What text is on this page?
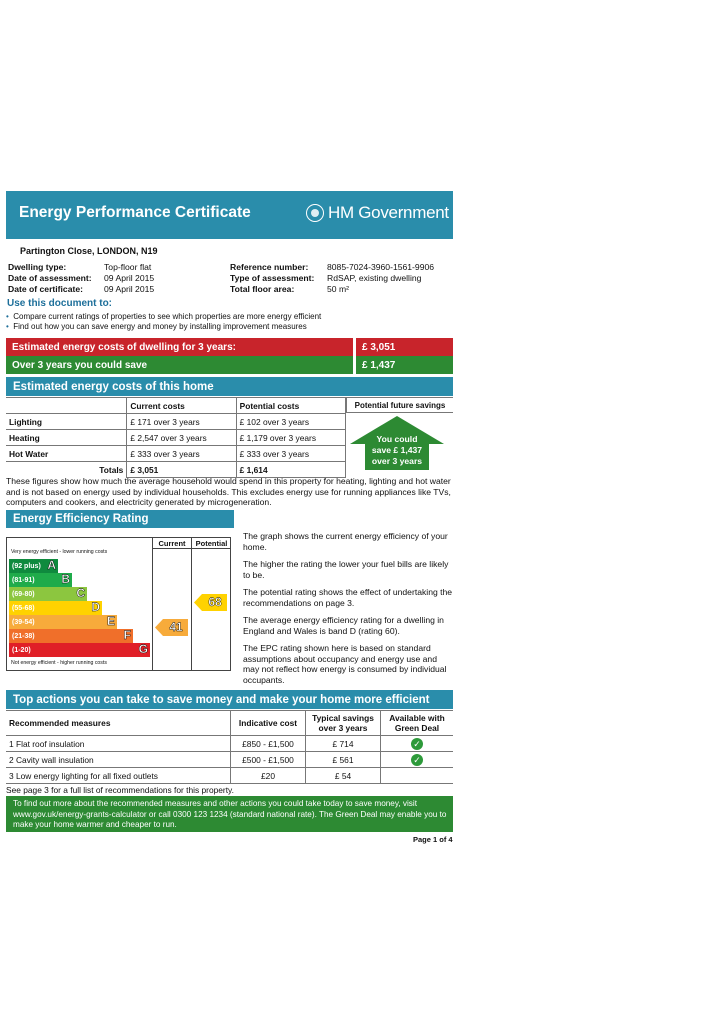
Energy Performance Certificate	HM Government
Partington Close, LONDON, N19
Dwelling type:	Top-floor flat
Date of assessment:	09 April 2015
Date of certificate:	09 April 2015
Reference number:	8085-7024-3960-1561-9906
Type of assessment:	RdSAP, existing dwelling
Total floor area:	50 m²
Use this document to:
• Compare current ratings of properties to see which properties are more energy efficient
• Find out how you can save energy and money by installing improvement measures
Estimated energy costs of dwelling for 3 years:	£ 3,051
Over 3 years you could save	£ 1,437
Estimated energy costs of this home
	Current costs	Potential costs
Lighting	£ 171 over 3 years	£ 102 over 3 years
Heating	£ 2,547 over 3 years	£ 1,179 over 3 years
Hot Water	£ 333 over 3 years	£ 333 over 3 years
Totals	£ 3,051	£ 1,614
Potential future savings
You could
save £ 1,437
over 3 years
These figures show how much the average household would spend in this property for heating, lighting and hot water and is not based on energy used by individual households. This excludes energy use for running appliances like TVs, computers and cookers, and electricity generated by microgeneration.
Energy Efficiency Rating
Current	Potential
Very energy efficient - lower running costs
Not energy efficient - higher running costs
(92 plus) A
(81-91) B
(69-80)	C
(55-68)	D
(39-54)	E
(21-38)	F
(1-20)	G
41
68
The graph shows the current energy efficiency of your home.
The higher the rating the lower your fuel bills are likely to be.
The potential rating shows the effect of undertaking the recommendations on page 3.
The average energy efficiency rating for a dwelling in England and Wales is band D (rating 60).
The EPC rating shown here is based on standard assumptions about occupancy and energy use and may not reflect how energy is consumed by individual occupants.
Top actions you can take to save money and make your home more efficient
Recommended measures	Indicative cost	Typical savings over 3 years	Available with Green Deal
1 Flat roof insulation	£850 - £1,500	£ 714	✓
2 Cavity wall insulation	£500 - £1,500	£ 561	✓
3 Low energy lighting for all fixed outlets	£20	£ 54	
See page 3 for a full list of recommendations for this property.
To find out more about the recommended measures and other actions you could take today to save money, visit www.gov.uk/energy-grants-calculator or call 0300 123 1234 (standard national rate). The Green Deal may enable you to make your home warmer and cheaper to run.
Page 1 of 4
